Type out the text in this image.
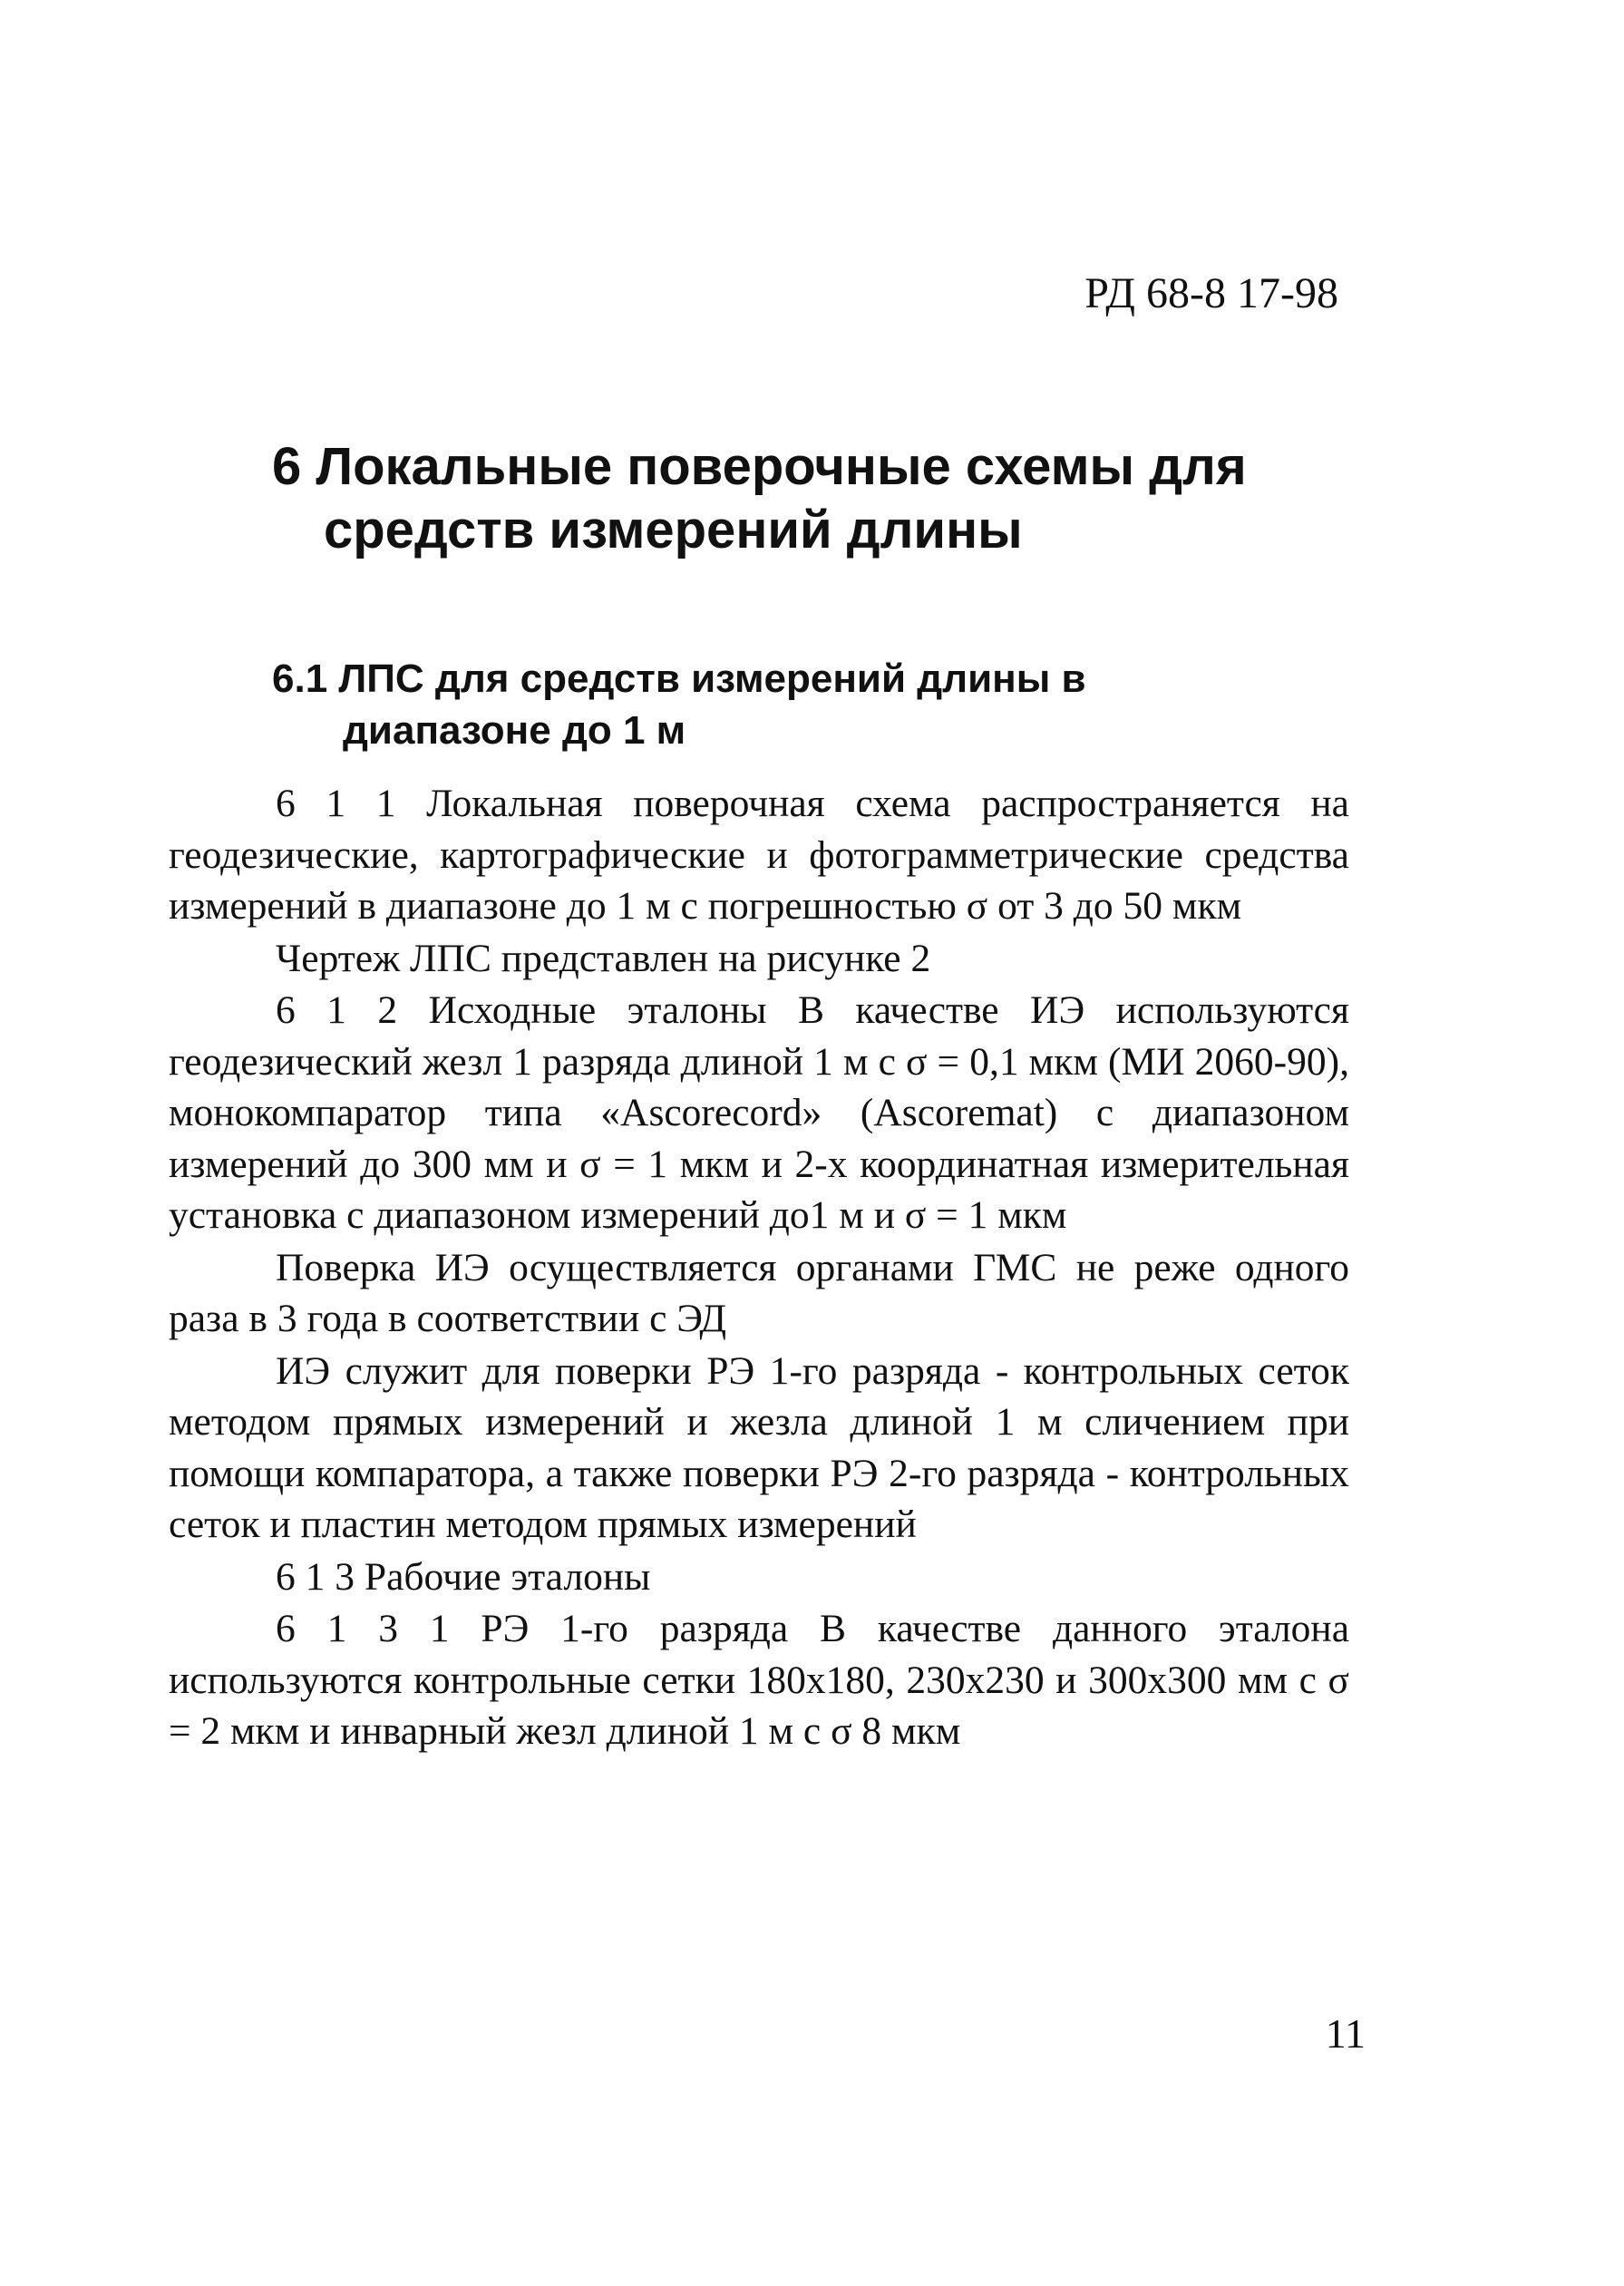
РД 68-8 17-98
6 Локальные поверочные схемы для
средств измерений длины
6.1 ЛПС для средств измерений длины в
диапазоне до 1 м

6 1 1 Локальная поверочная схема распространяется на геодезические, картографические и фотограмметрические средства измерений в диапазоне до 1 м с погрешностью σ от 3 до 50 мкм

Чертеж ЛПС представлен на рисунке 2

6 1 2 Исходные эталоны В качестве ИЭ используются геодезический жезл 1 разряда длиной 1 м с σ = 0,1 мкм (МИ 2060-90), монокомпаратор типа «Ascorecord» (Ascoremat) с диапазоном измерений до 300 мм и σ = 1 мкм и 2-х координатная измерительная установка с диапазоном измерений до1 м и σ = 1 мкм

Поверка ИЭ осуществляется органами ГМС не реже одного раза в 3 года в соответствии с ЭД

ИЭ служит для поверки РЭ 1-го разряда - контрольных сеток методом прямых измерений и жезла длиной 1 м сличением при помощи компаратора, а также поверки РЭ 2-го разряда - контрольных сеток и пластин методом прямых измерений

6 1 3 Рабочие эталоны

6 1 3 1 РЭ 1-го разряда В качестве данного эталона используются контрольные сетки 180х180, 230х230 и 300х300 мм с σ = 2 мкм и инварный жезл длиной 1 м с σ 8 мкм

11
